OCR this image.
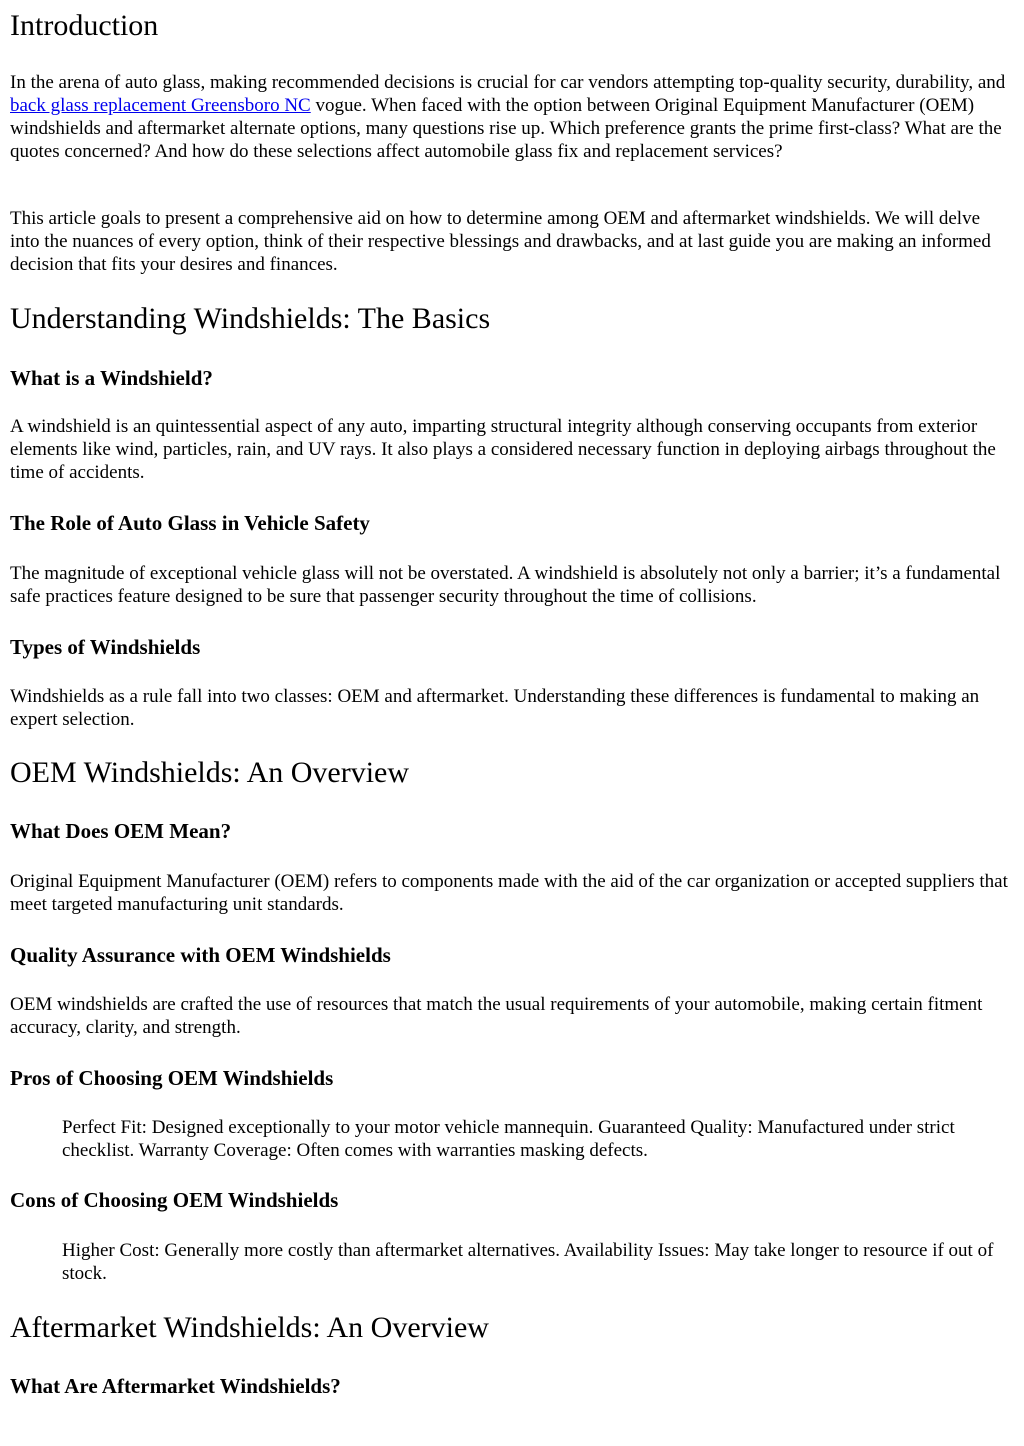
Introduction

In the arena of auto glass, making recommended decisions is crucial for car vendors attempting top-quality security, durability, and back glass replacement Greensboro NC vogue. When faced with the option between Original Equipment Manufacturer (OEM) windshields and aftermarket alternate options, many questions rise up. Which preference grants the prime first-class? What are the quotes concerned? And how do these selections affect automobile glass fix and replacement services?

This article goals to present a comprehensive aid on how to determine among OEM and aftermarket windshields. We will delve into the nuances of every option, think of their respective blessings and drawbacks, and at last guide you are making an informed decision that fits your desires and finances.

Understanding Windshields: The Basics
What is a Windshield?

A windshield is an quintessential aspect of any auto, imparting structural integrity although conserving occupants from exterior elements like wind, particles, rain, and UV rays. It also plays a considered necessary function in deploying airbags throughout the time of accidents.

The Role of Auto Glass in Vehicle Safety

The magnitude of exceptional vehicle glass will not be overstated. A windshield is absolutely not only a barrier; it’s a fundamental safe practices feature designed to be sure that passenger security throughout the time of collisions.

Types of Windshields

Windshields as a rule fall into two classes: OEM and aftermarket. Understanding these differences is fundamental to making an expert selection.

OEM Windshields: An Overview
What Does OEM Mean?

Original Equipment Manufacturer (OEM) refers to components made with the aid of the car organization or accepted suppliers that meet targeted manufacturing unit standards.

Quality Assurance with OEM Windshields

OEM windshields are crafted the use of resources that match the usual requirements of your automobile, making certain fitment accuracy, clarity, and strength.

Pros of Choosing OEM Windshields

Perfect Fit: Designed exceptionally to your motor vehicle mannequin. Guaranteed Quality: Manufactured under strict checklist. Warranty Coverage: Often comes with warranties masking defects.

Cons of Choosing OEM Windshields

Higher Cost: Generally more costly than aftermarket alternatives. Availability Issues: May take longer to resource if out of stock.

Aftermarket Windshields: An Overview
What Are Aftermarket Windshields?
